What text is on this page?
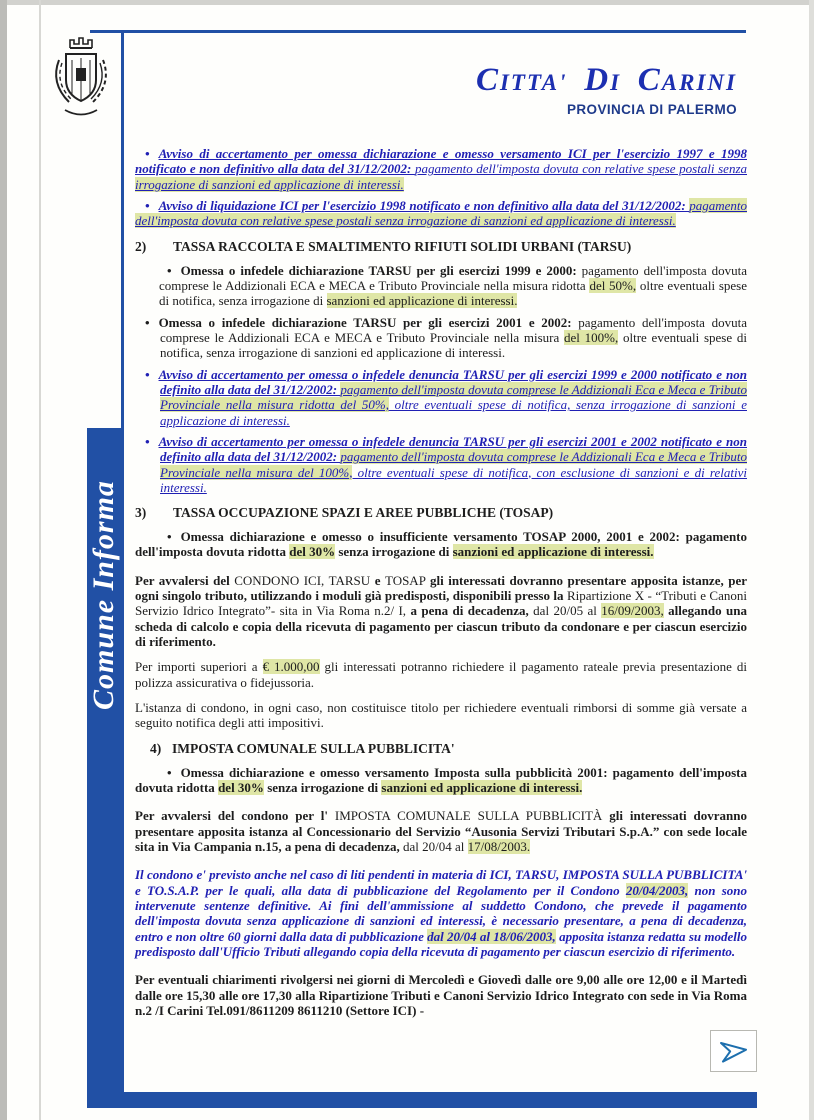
CITTA' DI CARINI
PROVINCIA DI PALERMO
Comune Informa
• Avviso di accertamento per omessa dichiarazione e omesso versamento ICI per l'esercizio 1997 e 1998 notificato e non definitivo alla data del 31/12/2002: pagamento dell'imposta dovuta con relative spese postali senza irrogazione di sanzioni ed applicazione di interessi.
• Avviso di liquidazione ICI per l'esercizio 1998 notificato e non definitivo alla data del 31/12/2002: pagamento dell'imposta dovuta con relative spese postali senza irrogazione di sanzioni ed applicazione di interessi.
2) TASSA RACCOLTA E SMALTIMENTO RIFIUTI SOLIDI URBANI (TARSU)
• Omessa o infedele dichiarazione TARSU per gli esercizi 1999 e 2000: pagamento dell'imposta dovuta comprese le Addizionali ECA e MECA e Tributo Provinciale nella misura ridotta del 50%, oltre eventuali spese di notifica, senza irrogazione di sanzioni ed applicazione di interessi.
• Omessa o infedele dichiarazione TARSU per gli esercizi 2001 e 2002: pagamento dell'imposta dovuta comprese le Addizionali ECA e MECA e Tributo Provinciale nella misura del 100%, oltre eventuali spese di notifica, senza irrogazione di sanzioni ed applicazione di interessi.
• Avviso di accertamento per omessa o infedele denuncia TARSU per gli esercizi 1999 e 2000 notificato e non definito alla data del 31/12/2002: pagamento dell'imposta dovuta comprese le Addizionali Eca e Meca e Tributo Provinciale nella misura ridotta del 50%, oltre eventuali spese di notifica, senza irrogazione di sanzioni e applicazione di interessi.
• Avviso di accertamento per omessa o infedele denuncia TARSU per gli esercizi 2001 e 2002 notificato e non definito alla data del 31/12/2002: pagamento dell'imposta dovuta comprese le Addizionali Eca e Meca e Tributo Provinciale nella misura del 100%, oltre eventuali spese di notifica, con esclusione di sanzioni e di relativi interessi.
3) TASSA OCCUPAZIONE SPAZI E AREE PUBBLICHE (TOSAP)
• Omessa dichiarazione e omesso o insufficiente versamento TOSAP 2000, 2001 e 2002: pagamento dell'imposta dovuta ridotta del 30% senza irrogazione di sanzioni ed applicazione di interessi.
Per avvalersi del CONDONO ICI, TARSU e TOSAP gli interessati dovranno presentare apposita istanze, per ogni singolo tributo, utilizzando i moduli già predisposti, disponibili presso la Ripartizione X - “Tributi e Canoni Servizio Idrico Integrato”- sita in Via Roma n.2/ I, a pena di decadenza, dal 20/05 al 16/09/2003, allegando una scheda di calcolo e copia della ricevuta di pagamento per ciascun tributo da condonare e per ciascun esercizio di riferimento.
Per importi superiori a € 1.000,00 gli interessati potranno richiedere il pagamento rateale previa presentazione di polizza assicurativa o fidejussoria.
L'istanza di condono, in ogni caso, non costituisce titolo per richiedere eventuali rimborsi di somme già versate a seguito notifica degli atti impositivi.
4) IMPOSTA COMUNALE SULLA PUBBLICITA'
• Omessa dichiarazione e omesso versamento Imposta sulla pubblicità 2001: pagamento dell'imposta dovuta ridotta del 30% senza irrogazione di sanzioni ed applicazione di interessi.
Per avvalersi del condono per l' IMPOSTA COMUNALE SULLA PUBBLICITÀ gli interessati dovranno presentare apposita istanza al Concessionario del Servizio “Ausonia Servizi Tributari S.p.A.” con sede locale sita in Via Campania n.15, a pena di decadenza, dal 20/04 al 17/08/2003.
Il condono e' previsto anche nel caso di liti pendenti in materia di ICI, TARSU, IMPOSTA SULLA PUBBLICITA' e TO.S.A.P. per le quali, alla data di pubblicazione del Regolamento per il Condono 20/04/2003, non sono intervenute sentenze definitive. Ai fini dell'ammissione al suddetto Condono, che prevede il pagamento dell'imposta dovuta senza applicazione di sanzioni ed interessi, è necessario presentare, a pena di decadenza, entro e non oltre 60 giorni dalla data di pubblicazione dal 20/04 al 18/06/2003, apposita istanza redatta su modello predisposto dall'Ufficio Tributi allegando copia della ricevuta di pagamento per ciascun esercizio di riferimento.
Per eventuali chiarimenti rivolgersi nei giorni di Mercoledì e Giovedì dalle ore 9,00 alle ore 12,00 e il Martedì dalle ore 15,30 alle ore 17,30 alla Ripartizione Tributi e Canoni Servizio Idrico Integrato con sede in Via Roma n.2 /I Carini Tel.091/8611209 8611210 (Settore ICI) -
